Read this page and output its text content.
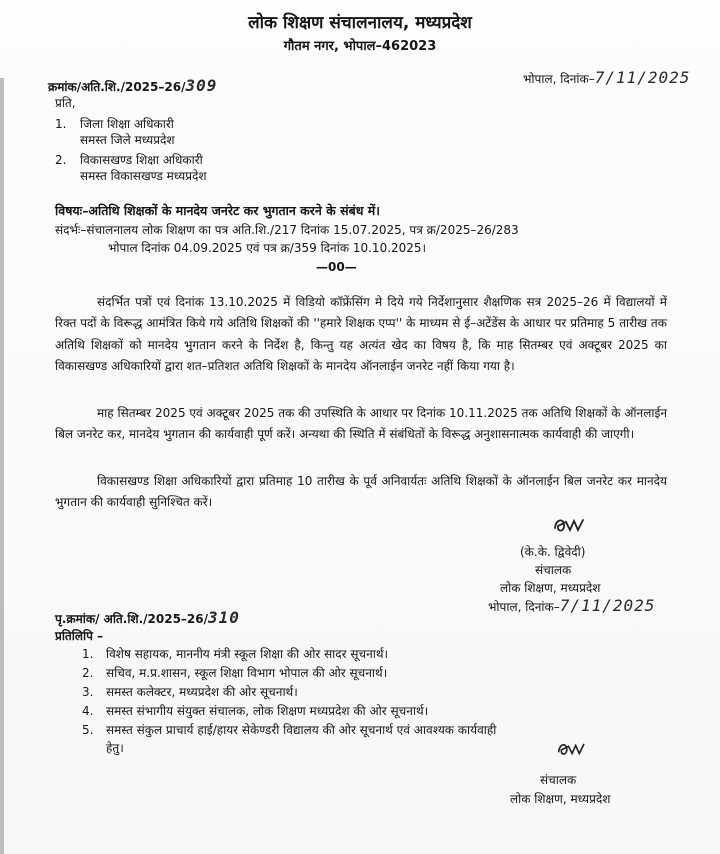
लोक शिक्षण संचालनालय, मध्यप्रदेश
गौतम नगर, भोपाल–462023
क्रमांक/अति.शि./2025–26/309	भोपाल, दिनांक–7/11/2025
प्रति,
1. जिला शिक्षा अधिकारी
समस्त जिले मध्यप्रदेश
2. विकासखण्ड शिक्षा अधिकारी
समस्त विकासखण्ड मध्यप्रदेश
विषयः–अतिथि शिक्षकों के मानदेय जनरेट कर भुगतान करने के संबंध में।
संदर्भः–संचालनालय लोक शिक्षण का पत्र अति.शि./217 दिनांक 15.07.2025, पत्र क्र/2025–26/283
भोपाल दिनांक 04.09.2025 एवं पत्र क्र/359 दिनांक 10.10.2025।
—00—
संदर्भित पत्रों एवं दिनांक 13.10.2025 में विडियो कॉफ्रेंसिंग मे दिये गये निर्देशानुसार शैक्षणिक सत्र 2025–26 में विद्यालयों में रिक्त पदों के विरूद्ध आमंत्रित किये गये अतिथि शिक्षकों की ''हमारे शिक्षक एप्प'' के माध्यम से ई–अटेंडेंस के आधार पर प्रतिमाह 5 तारीख तक अतिथि शिक्षकों को मानदेय भुगतान करने के निर्देश है, किन्तु यह अत्यंत खेद का विषय है, कि माह सितम्बर एवं अक्टूबर 2025 का विकासखण्ड अधिकारियों द्वारा शत–प्रतिशत अतिथि शिक्षकों के मानदेय ऑनलाईन जनरेट नहीं किया गया है।
माह सितम्बर 2025 एवं अक्टूबर 2025 तक की उपस्थिति के आधार पर दिनांक 10.11.2025 तक अतिथि शिक्षकों के ऑनलाईन बिल जनरेट कर, मानदेय भुगतान की कार्यवाही पूर्ण करें। अन्यथा की स्थिति में संबंधितों के विरूद्ध अनुशासनात्मक कार्यवाही की जाएगी।
विकासखण्ड शिक्षा अधिकारियों द्वारा प्रतिमाह 10 तारीख के पूर्व अनिवार्यतः अतिथि शिक्षकों के ऑनलाईन बिल जनरेट कर मानदेय भुगतान की कार्यवाही सुनिश्चित करें।
(के.के. द्विवेदी)
संचालक
लोक शिक्षण, मध्यप्रदेश
भोपाल, दिनांक–7/11/2025
पृ.क्रमांक/ अति.शि./2025–26/310
प्रतिलिपि –
1. विशेष सहायक, माननीय मंत्री स्कूल शिक्षा की ओर सादर सूचनार्थ।
2. सचिव, म.प्र.शासन, स्कूल शिक्षा विभाग भोपाल की ओर सूचनार्थ।
3. समस्त कलेक्टर, मध्यप्रदेश की ओर सूचनार्थ।
4. समस्त संभागीय संयुक्त संचालक, लोक शिक्षण मध्यप्रदेश की ओर सूचनार्थ।
5. समस्त संकुल प्राचार्य हाई/हायर सेकेण्डरी विद्यालय की ओर सूचनार्थ एवं आवश्यक कार्यवाही
हेतु।
संचालक
लोक शिक्षण, मध्यप्रदेश
